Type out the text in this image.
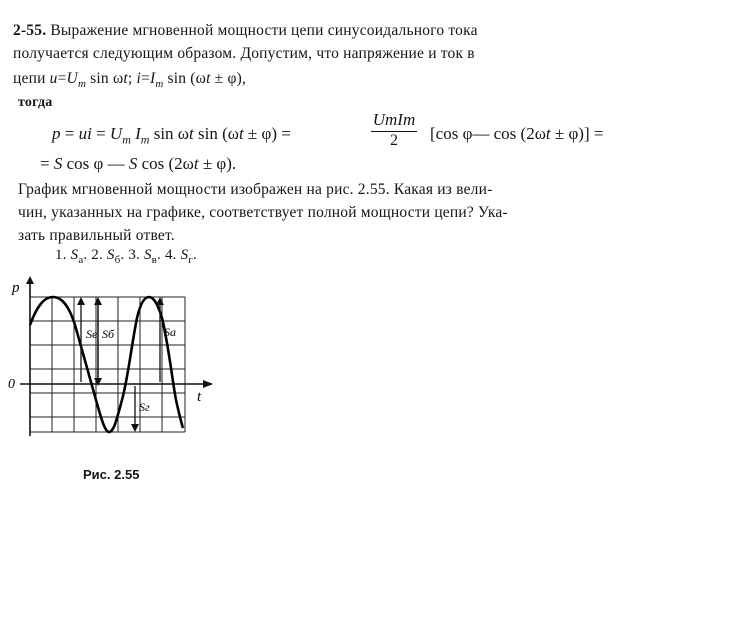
2-55. Выражение мгновенной мощности цепи синусоидального тока
получается следующим образом. Допустим, что напряжение и ток в
цепи $u=U_m$ sin ωt; $i=I_m$ sin (ωt ± φ),
тогда
p = ui = $U_m$ $I_m$ sin ωt sin (ωt ± φ) =
UmIm
2	[cos φ— cos (2ωt ± φ)] =
= S cos φ — S cos (2ωt ± φ).
График мгновенной мощности изображен на рис. 2.55. Какая из вели-
чин, указанных на графике, соответствует полной мощности цепи? Ука-
зать правильный ответ.
1. $S_а$. 2. $S_б$. 3. $S_в$. 4. $S_г$.
p
t
0
Sв Sб	Sа
Sг
Рис. 2.55
